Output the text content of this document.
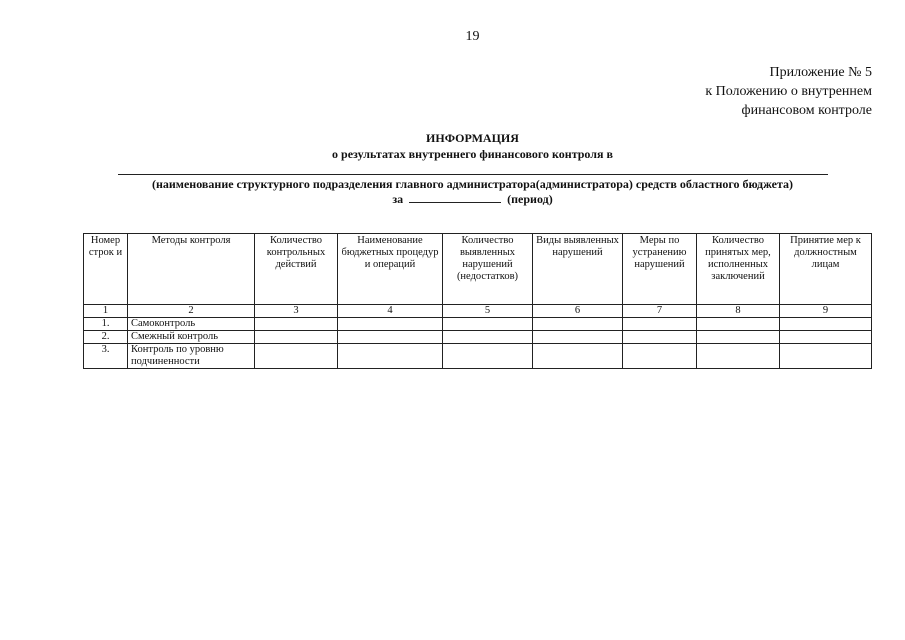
19
Приложение № 5
к Положению о внутреннем
финансовом контроле
ИНФОРМАЦИЯ
о результатах внутреннего финансового контроля в
(наименование структурного подразделения главного администратора(администратора) средств областного бюджета)
за	(период)
Номер строк и	Методы контроля	Количество контрольных действий	Наименование бюджетных процедур и операций	Количество выявленных нарушений (недостатков)	Виды выявленных нарушений	Меры по устранению нарушений	Количество принятых мер, исполненных заключений	Принятие мер к должностным лицам
1	2	3	4	5	6	7	8	9
1.	Самоконтроль							
2.	Смежный контроль							
3.	Контроль по уровню подчиненности							
